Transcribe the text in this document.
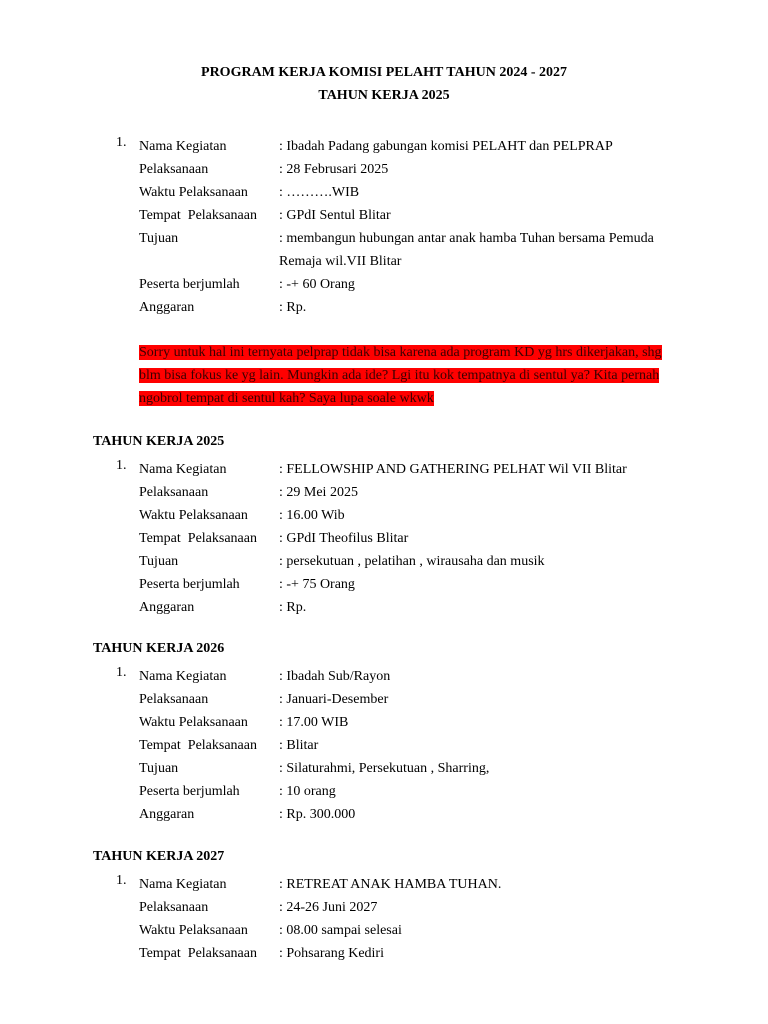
PROGRAM KERJA KOMISI PELAHT TAHUN 2024 - 2027
TAHUN KERJA 2025
1. Nama Kegiatan	: Ibadah Padang gabungan komisi PELAHT dan PELPRAP
Pelaksanaan	: 28 Februsari 2025
Waktu Pelaksanaan : ……….WIB
Tempat  Pelaksanaan : GPdI Sentul Blitar
Tujuan	: membangun hubungan antar anak hamba Tuhan bersama Pemuda Remaja wil.VII Blitar
Peserta berjumlah	: -+ 60 Orang
Anggaran	: Rp.
Sorry untuk hal ini ternyata pelprap tidak bisa karena ada program KD yg hrs dikerjakan, shg blm bisa fokus ke yg lain. Mungkin ada ide? Lgi itu kok tempatnya di sentul ya? Kita pernah ngobrol tempat di sentul kah? Saya lupa soale wkwk
TAHUN KERJA 2025
1. Nama Kegiatan	: FELLOWSHIP AND GATHERING PELHAT Wil VII Blitar
Pelaksanaan	: 29 Mei 2025
Waktu Pelaksanaan : 16.00 Wib
Tempat  Pelaksanaan : GPdI Theofilus Blitar
Tujuan	: persekutuan , pelatihan , wirausaha dan musik
Peserta berjumlah	: -+ 75 Orang
Anggaran	: Rp.
TAHUN KERJA 2026
1. Nama Kegiatan	: Ibadah Sub/Rayon
Pelaksanaan	: Januari-Desember
Waktu Pelaksanaan : 17.00 WIB
Tempat  Pelaksanaan : Blitar
Tujuan	: Silaturahmi, Persekutuan , Sharring,
Peserta berjumlah	: 10 orang
Anggaran	: Rp. 300.000
TAHUN KERJA 2027
1. Nama Kegiatan	: RETREAT ANAK HAMBA TUHAN.
Pelaksanaan	: 24-26 Juni 2027
Waktu Pelaksanaan : 08.00 sampai selesai
Tempat  Pelaksanaan : Pohsarang Kediri
